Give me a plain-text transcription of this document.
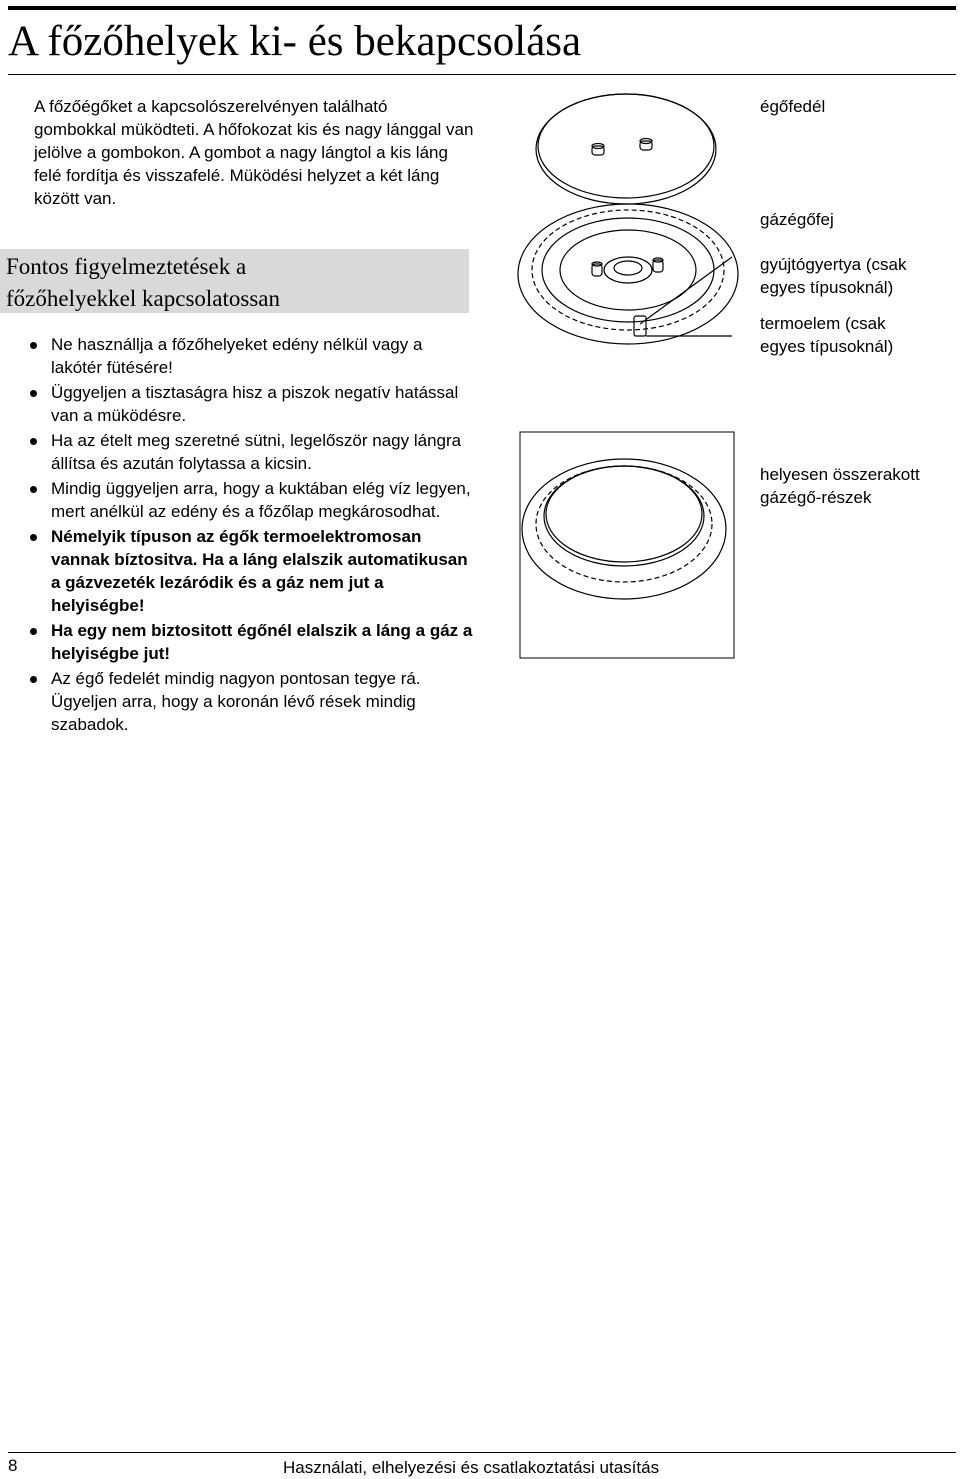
A főzőhelyek ki- és bekapcsolása

A főzőégőket a kapcsolószerelvényen található gombokkal müködteti. A hőfokozat kis és nagy lánggal van jelölve a gombokon. A gombot a nagy lángtol a kis láng felé fordítja és visszafelé. Müködési helyzet a két láng között van.

Fontos figyelmeztetések a
főzőhelyekkel kapcsolatossan
Ne használlja a főzőhelyeket edény nélkül vagy a lakótér fütésére!
Üggyeljen a tisztaságra hisz a piszok negatív hatással van a müködésre.
Ha az ételt meg szeretné sütni, legelőször nagy lángra állítsa és azután folytassa a kicsin.
Mindig üggyeljen arra, hogy a kuktában elég víz legyen, mert anélkül az edény és a főzőlap megkárosodhat.
Némelyik típuson az égők termoelektromosan vannak bíztositva. Ha a láng elalszik automatikusan a gázvezeték lezáródik és a gáz nem jut a helyiségbe!
Ha egy nem biztositott égőnél elalszik a láng a gáz a helyiségbe jut!
Az égő fedelét mindig nagyon pontosan tegye rá. Ügyeljen arra, hogy a koronán lévő rések mindig szabadok.
égőfedél
gázégőfej
gyújtógyertya (csak
egyes típusoknál)
termoelem (csak
egyes típusoknál)
helyesen összerakott
gázégő-részek
8	Használati, elhelyezési és csatlakoztatási utasítás
